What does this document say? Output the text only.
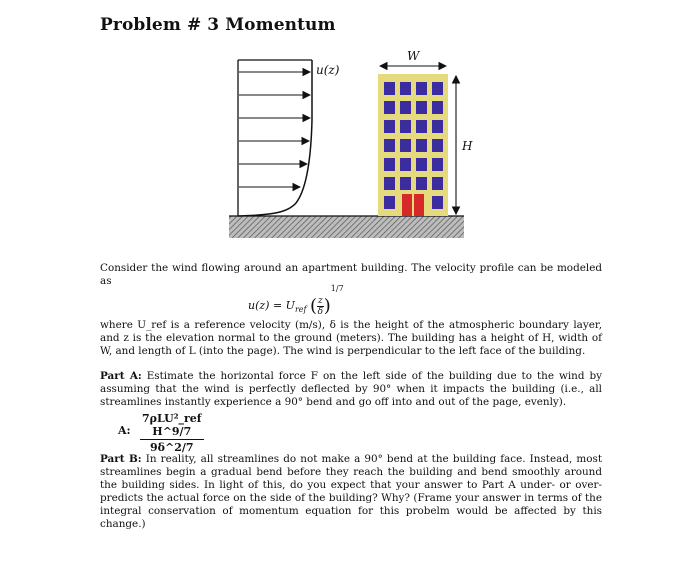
Problem # 3 Momentum
u(z)
W
H
Consider the wind flowing around an apartment building. The velocity profile can be modeled as
$u(z) = U_{ref}$ ( $\frac{z}{\delta} )^{1/7}$
where U_ref is a reference velocity (m/s), δ is the height of the atmospheric boundary layer, and z is the elevation normal to the ground (meters). The building has a height of H, width of W, and length of L (into the page). The wind is perpendicular to the left face of the building.
Part A: Estimate the horizontal force F on the left side of the building due to the wind by assuming that the wind is perfectly deflected by 90° when it impacts the building (i.e., all streamlines instantly experience a 90° bend and go off into and out of the page, evenly).
A:
7ρLU²_ref H^9/7
9δ^2/7
Part B: In reality, all streamlines do not make a 90° bend at the building face. Instead, most streamlines begin a gradual bend before they reach the building and bend smoothly around the building sides. In light of this, do you expect that your answer to Part A under- or over-predicts the actual force on the side of the building? Why? (Frame your answer in terms of the integral conservation of momentum equation for this probelm would be affected by this change.)
